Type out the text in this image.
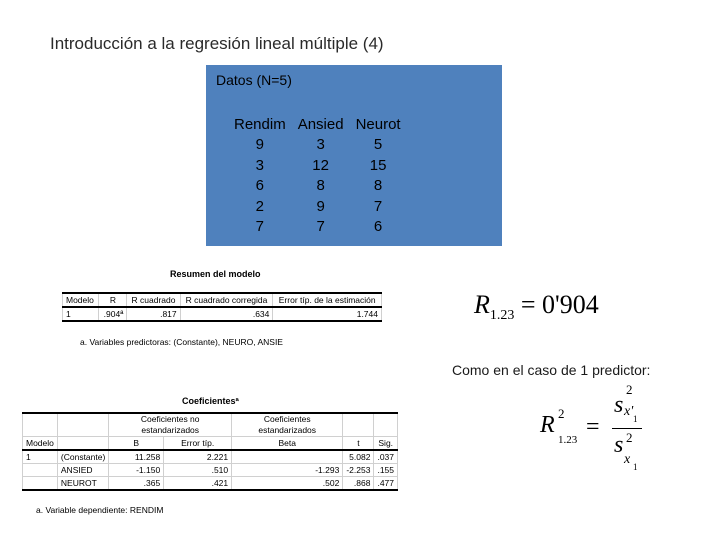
Introducción a la regresión lineal múltiple (4)
Datos (N=5)
Rendim	Ansied	Neurot
9	3	5
3	12	15
6	8	8
2	9	7
7	7	6
Resumen del modelo
Modelo	R	R cuadrado	R cuadrado corregida	Error típ. de la estimación
1	.904ª	.817	.634	1.744
a. Variables predictoras: (Constante), NEURO, ANSIE
$R_{1.23} = 0'904$
Como en el caso de 1 predictor:
R 2
1.23 =
s
2
x' 1
s 2
x 1
Coeficientesª
		Coeficientes no estandarizados		Coeficientes estandarizados		
Modelo		B	Error típ.	Beta	t	Sig.
1	(Constante)	11.258	2.221		5.082	.037
	ANSIED	-1.150	.510	-1.293	-2.253	.155
	NEUROT	.365	.421	.502	.868	.477
a. Variable dependiente: RENDIM
